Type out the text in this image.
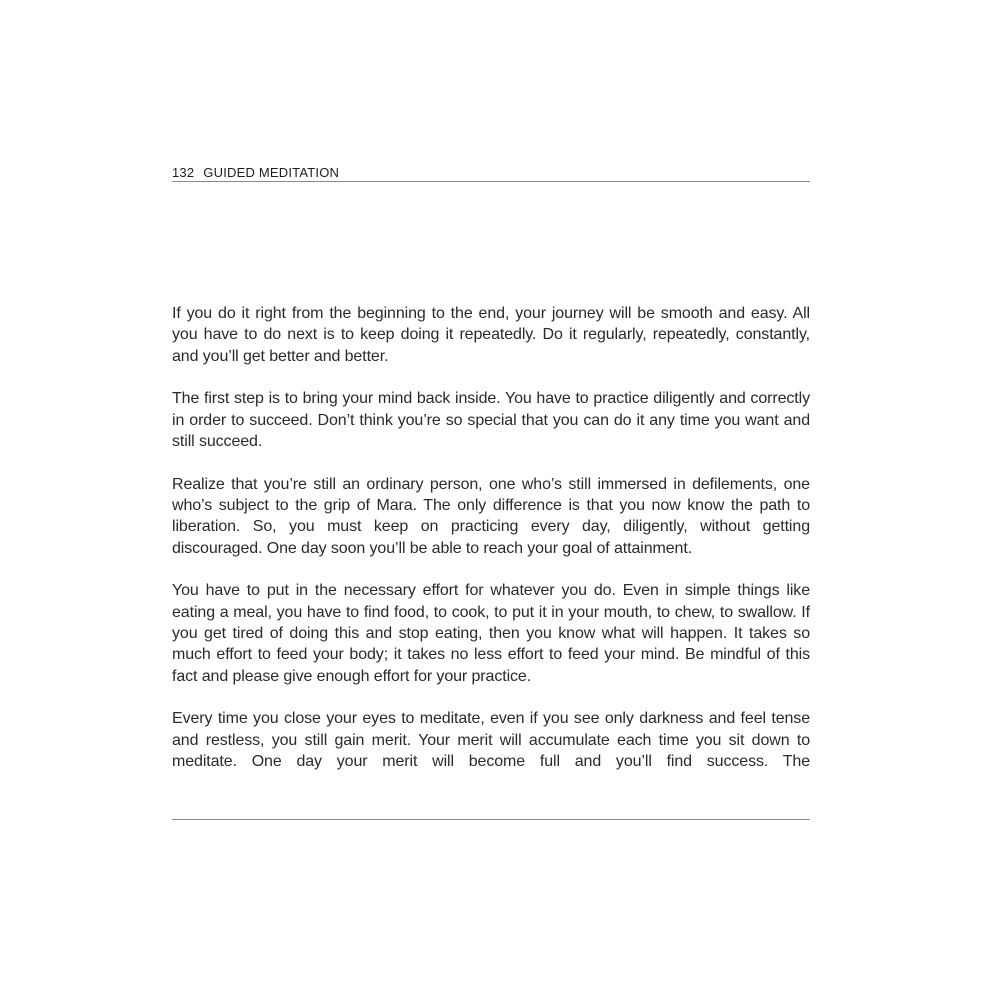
132 GUIDED MEDITATION

If you do it right from the beginning to the end, your journey will be smooth and easy. All you have to do next is to keep doing it repeatedly. Do it regularly, repeatedly, constantly, and you’ll get better and better.

The first step is to bring your mind back inside. You have to practice diligently and correctly in order to succeed. Don’t think you’re so special that you can do it any time you want and still succeed.

Realize that you’re still an ordinary person, one who’s still immersed in defilements, one who’s subject to the grip of Mara. The only difference is that you now know the path to liberation. So, you must keep on practicing every day, diligently, without getting discouraged. One day soon you’ll be able to reach your goal of attainment.

You have to put in the necessary effort for whatever you do. Even in simple things like eating a meal, you have to find food, to cook, to put it in your mouth, to chew, to swallow. If you get tired of doing this and stop eating, then you know what will happen. It takes so much effort to feed your body; it takes no less effort to feed your mind. Be mindful of this fact and please give enough effort for your practice.

Every time you close your eyes to meditate, even if you see only darkness and feel tense and restless, you still gain merit. Your merit will accumulate each time you sit down to meditate. One day your merit will become full and you’ll find success. The
